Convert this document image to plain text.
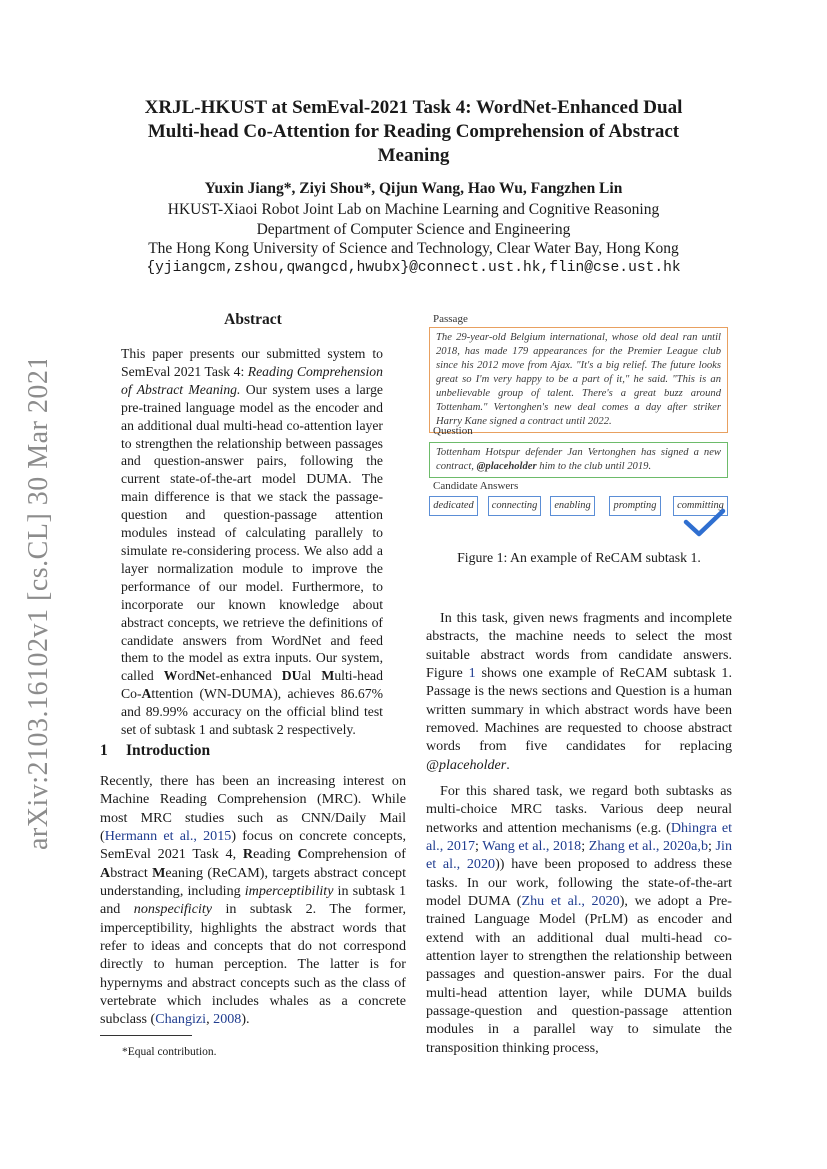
arXiv:2103.16102v1 [cs.CL] 30 Mar 2021
XRJL-HKUST at SemEval-2021 Task 4: WordNet-Enhanced Dual
Multi-head Co-Attention for Reading Comprehension of Abstract
Meaning
Yuxin Jiang*, Ziyi Shou*, Qijun Wang, Hao Wu, Fangzhen Lin
HKUST-Xiaoi Robot Joint Lab on Machine Learning and Cognitive Reasoning
Department of Computer Science and Engineering
The Hong Kong University of Science and Technology, Clear Water Bay, Hong Kong
{yjiangcm,zshou,qwangcd,hwubx}@connect.ust.hk,flin@cse.ust.hk
Abstract
This paper presents our submitted system to SemEval 2021 Task 4: Reading Comprehension of Abstract Meaning. Our system uses a large pre-trained language model as the encoder and an additional dual multi-head co-attention layer to strengthen the relationship between passages and question-answer pairs, following the current state-of-the-art model DUMA. The main difference is that we stack the passage-question and question-passage attention modules instead of calculating parallely to simulate re-considering process. We also add a layer normalization module to improve the performance of our model. Furthermore, to incorporate our known knowledge about abstract concepts, we retrieve the definitions of candidate answers from WordNet and feed them to the model as extra inputs. Our system, called WordNet-enhanced DUal Multi-head Co-Attention (WN-DUMA), achieves 86.67% and 89.99% accuracy on the official blind test set of subtask 1 and subtask 2 respectively.
1 Introduction
Recently, there has been an increasing interest on Machine Reading Comprehension (MRC). While most MRC studies such as CNN/Daily Mail (Hermann et al., 2015) focus on concrete concepts, SemEval 2021 Task 4, Reading Comprehension of Abstract Meaning (ReCAM), targets abstract concept understanding, including imperceptibility in subtask 1 and nonspecificity in subtask 2. The former, imperceptibility, highlights the abstract words that refer to ideas and concepts that do not correspond directly to human perception. The latter is for hypernyms and abstract concepts such as the class of vertebrate which includes whales as a concrete subclass (Changizi, 2008).
*Equal contribution.
Passage
The 29-year-old Belgium international, whose old deal ran until 2018, has made 179 appearances for the Premier League club since his 2012 move from Ajax. "It's a big relief. The future looks great so I'm very happy to be a part of it," he said. "This is an unbelievable group of talent. There's a great buzz around Tottenham." Vertonghen's new deal comes a day after striker Harry Kane signed a contract until 2022.
Question
Tottenham Hotspur defender Jan Vertonghen has signed a new contract, @placeholder him to the club until 2019.
Candidate Answers
dedicated	connecting	enabling	prompting	committing
Figure 1: An example of ReCAM subtask 1.

In this task, given news fragments and incomplete abstracts, the machine needs to select the most suitable abstract words from candidate answers. Figure 1 shows one example of ReCAM subtask 1. Passage is the news sections and Question is a human written summary in which abstract words have been removed. Machines are requested to choose abstract words from five candidates for replacing @placeholder.

For this shared task, we regard both subtasks as multi-choice MRC tasks. Various deep neural networks and attention mechanisms (e.g. (Dhingra et al., 2017; Wang et al., 2018; Zhang et al., 2020a,b; Jin et al., 2020)) have been proposed to address these tasks. In our work, following the state-of-the-art model DUMA (Zhu et al., 2020), we adopt a Pre-trained Language Model (PrLM) as encoder and extend with an additional dual multi-head co-attention layer to strengthen the relationship between passages and question-answer pairs. For the dual multi-head attention layer, while DUMA builds passage-question and question-passage attention modules in a parallel way to simulate the transposition thinking process,
